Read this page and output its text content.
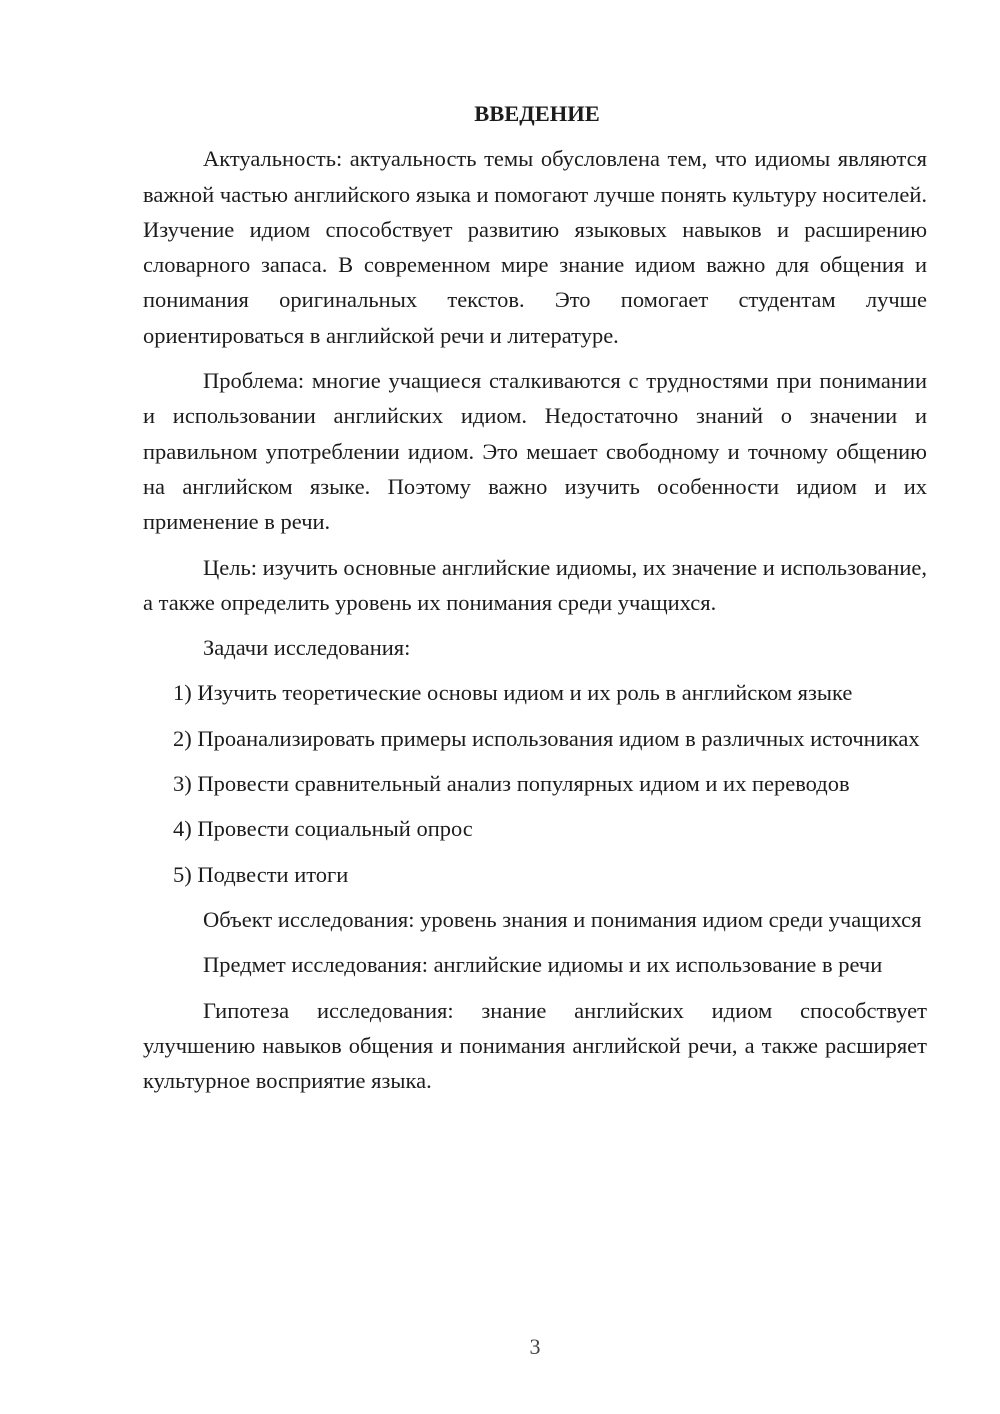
ВВЕДЕНИЕ

Актуальность: актуальность темы обусловлена тем, что идиомы являются важной частью английского языка и помогают лучше понять культуру носителей. Изучение идиом способствует развитию языковых навыков и расширению словарного запаса. В современном мире знание идиом важно для общения и понимания оригинальных текстов. Это помогает студентам лучше ориентироваться в английской речи и литературе.

Проблема: многие учащиеся сталкиваются с трудностями при понимании и использовании английских идиом. Недостаточно знаний о значении и правильном употреблении идиом. Это мешает свободному и точному общению на английском языке. Поэтому важно изучить особенности идиом и их применение в речи.

Цель: изучить основные английские идиомы, их значение и использование, а также определить уровень их понимания среди учащихся.

Задачи исследования:

1) Изучить теоретические основы идиом и их роль в английском языке

2) Проанализировать примеры использования идиом в различных источниках

3) Провести сравнительный анализ популярных идиом и их переводов

4) Провести социальный опрос

5) Подвести итоги

Объект исследования: уровень знания и понимания идиом среди учащихся

Предмет исследования: английские идиомы и их использование в речи

Гипотеза исследования: знание английских идиом способствует улучшению навыков общения и понимания английской речи, а также расширяет культурное восприятие языка.

3
